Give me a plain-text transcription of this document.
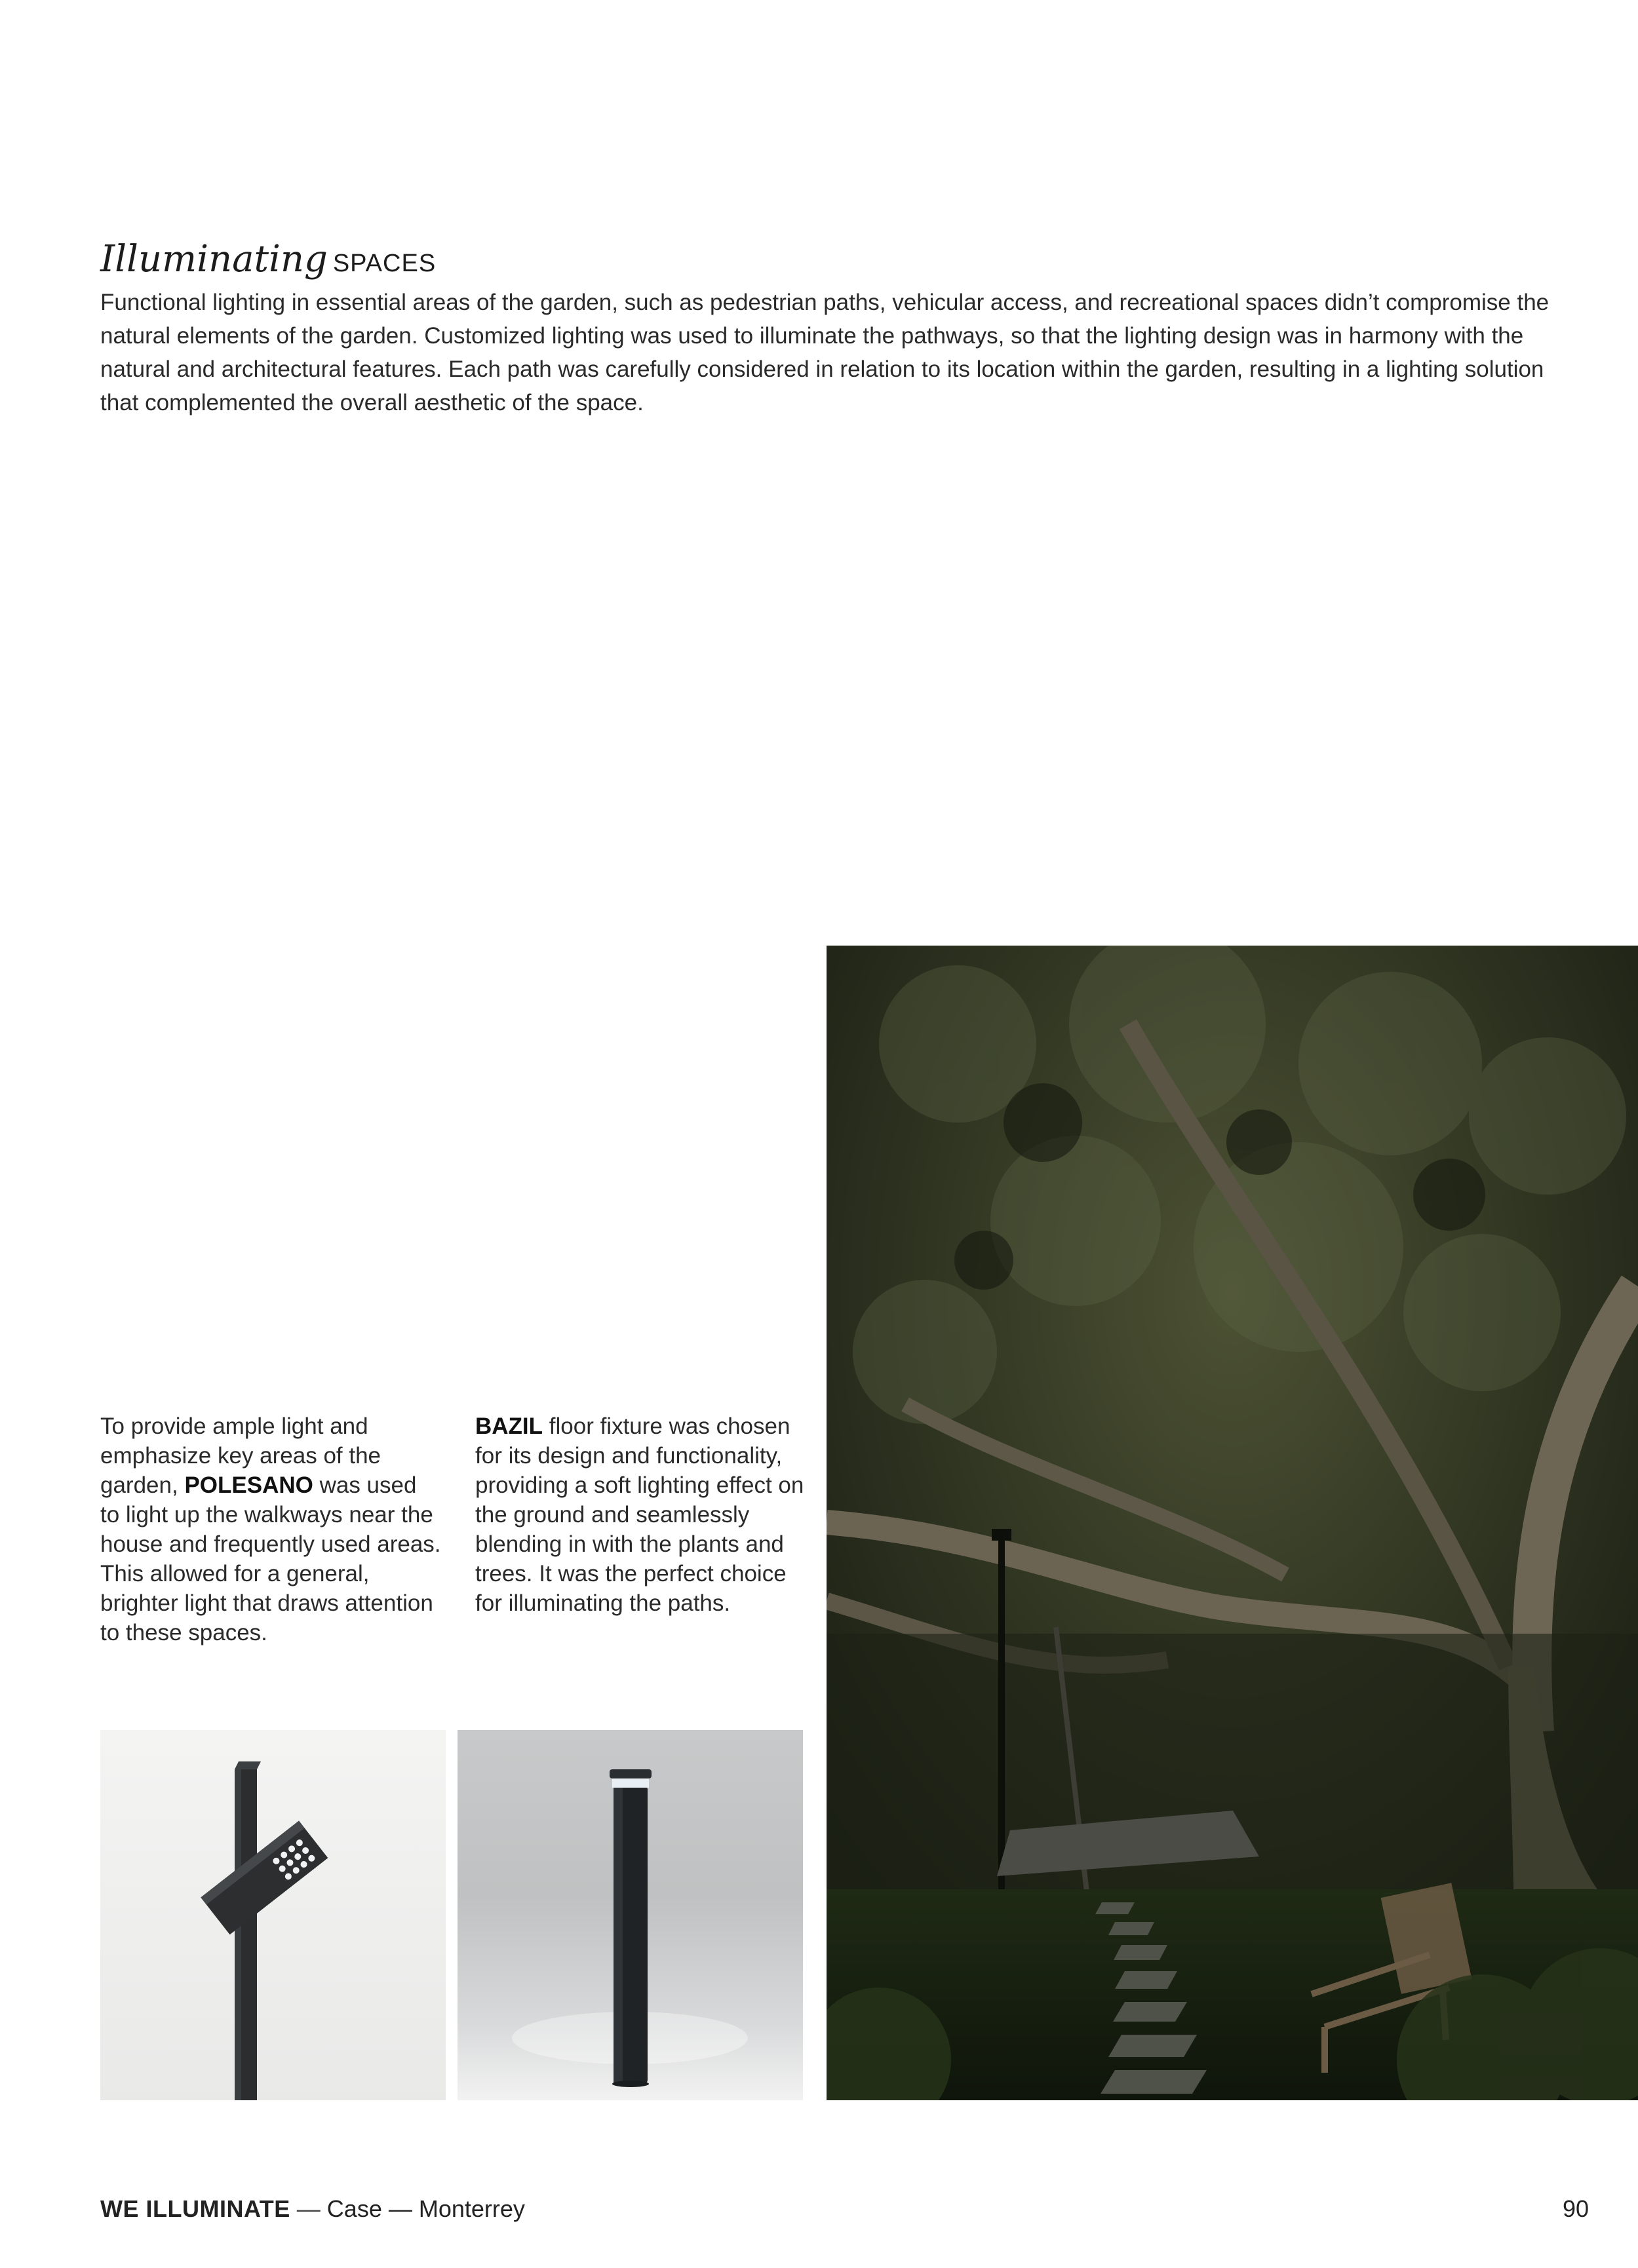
Illuminating SPACES

Functional lighting in essential areas of the garden, such as pedestrian paths, vehicular access, and recreational spaces didn’t compromise the natural elements of the garden. Customized lighting was used to illuminate the pathways, so that the lighting design was in harmony with the natural and architectural features. Each path was carefully considered in relation to its location within the garden, resulting in a lighting solution that complemented the overall aesthetic of the space.

To provide ample light and emphasize key areas of the garden, POLESANO was used to light up the walkways near the house and frequently used areas. This allowed for a general, brighter light that draws attention to these spaces.

BAZIL floor fixture was chosen for its design and functionality, providing a soft lighting effect on the ground and seamlessly blending in with the plants and trees. It was the perfect choice for illuminating the paths.

WE ILLUMINATE — Case — Monterrey	90
